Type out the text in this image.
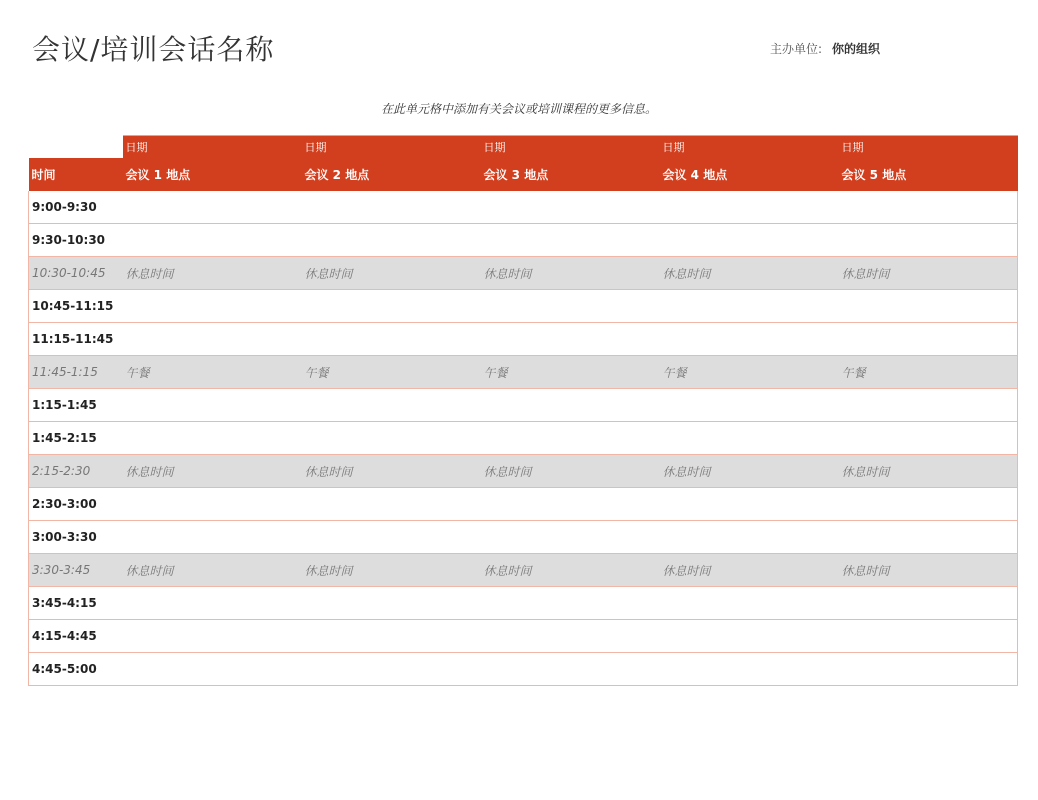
会议/培训会话名称	主办单位: 你的组织
在此单元格中添加有关会议或培训课程的更多信息。
	日期	日期	日期	日期	日期
时间	会议 1 地点	会议 2 地点	会议 3 地点	会议 4 地点	会议 5 地点
9:00-9:30					
9:30-10:30					
10:30-10:45	休息时间	休息时间	休息时间	休息时间	休息时间
10:45-11:15					
11:15-11:45					
11:45-1:15	午餐	午餐	午餐	午餐	午餐
1:15-1:45					
1:45-2:15					
2:15-2:30	休息时间	休息时间	休息时间	休息时间	休息时间
2:30-3:00					
3:00-3:30					
3:30-3:45	休息时间	休息时间	休息时间	休息时间	休息时间
3:45-4:15					
4:15-4:45					
4:45-5:00					
